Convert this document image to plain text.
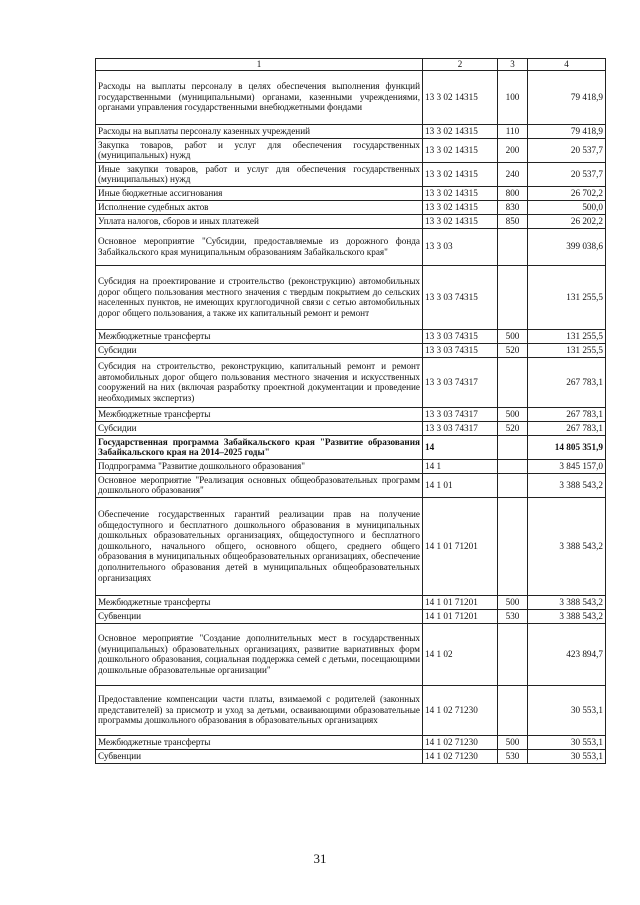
1	2	3	4
Расходы на выплаты персоналу в целях обеспечения выполнения функций государственными (муниципальными) органами, казенными учреждениями, органами управления государственными внебюджетными фондами	13 3 02 14315	100	79 418,9
Расходы на выплаты персоналу казенных учреждений	13 3 02 14315	110	79 418,9
Закупка товаров, работ и услуг для обеспечения государственных (муниципальных) нужд	13 3 02 14315	200	20 537,7
Иные закупки товаров, работ и услуг для обеспечения государственных (муниципальных) нужд	13 3 02 14315	240	20 537,7
Иные бюджетные ассигнования	13 3 02 14315	800	26 702,2
Исполнение судебных актов	13 3 02 14315	830	500,0
Уплата налогов, сборов и иных платежей	13 3 02 14315	850	26 202,2
Основное мероприятие "Субсидии, предоставляемые из дорожного фонда Забайкальского края муниципальным образованиям Забайкальского края"	13 3 03		399 038,6
Субсидия на проектирование и строительство (реконструкцию) автомобильных дорог общего пользования местного значения с твердым покрытием до сельских населенных пунктов, не имеющих круглогодичной связи с сетью автомобильных дорог общего пользования, а также их капитальный ремонт и ремонт	13 3 03 74315		131 255,5
Межбюджетные трансферты	13 3 03 74315	500	131 255,5
Субсидии	13 3 03 74315	520	131 255,5
Субсидия на строительство, реконструкцию, капитальный ремонт и ремонт автомобильных дорог общего пользования местного значения и искусственных сооружений на них (включая разработку проектной документации и проведение необходимых экспертиз)	13 3 03 74317		267 783,1
Межбюджетные трансферты	13 3 03 74317	500	267 783,1
Субсидии	13 3 03 74317	520	267 783,1
Государственная программа Забайкальского края "Развитие образования Забайкальского края на 2014–2025 годы"	14		14 805 351,9
Подпрограмма "Развитие дошкольного образования"	14 1		3 845 157,0
Основное мероприятие "Реализация основных общеобразовательных программ дошкольного образования"	14 1 01		3 388 543,2
Обеспечение государственных гарантий реализации прав на получение общедоступного и бесплатного дошкольного образования в муниципальных дошкольных образовательных организациях, общедоступного и бесплатного дошкольного, начального общего, основного общего, среднего общего образования в муниципальных общеобразовательных организациях, обеспечение дополнительного образования детей в муниципальных общеобразовательных организациях	14 1 01 71201		3 388 543,2
Межбюджетные трансферты	14 1 01 71201	500	3 388 543,2
Субвенции	14 1 01 71201	530	3 388 543,2
Основное мероприятие "Создание дополнительных мест в государственных (муниципальных) образовательных организациях, развитие вариативных форм дошкольного образования, социальная поддержка семей с детьми, посещающими дошкольные образовательные организации"	14 1 02		423 894,7
Предоставление компенсации части платы, взимаемой с родителей (законных представителей) за присмотр и уход за детьми, осваивающими образовательные программы дошкольного образования в образовательных организациях	14 1 02 71230		30 553,1
Межбюджетные трансферты	14 1 02 71230	500	30 553,1
Субвенции	14 1 02 71230	530	30 553,1
31
